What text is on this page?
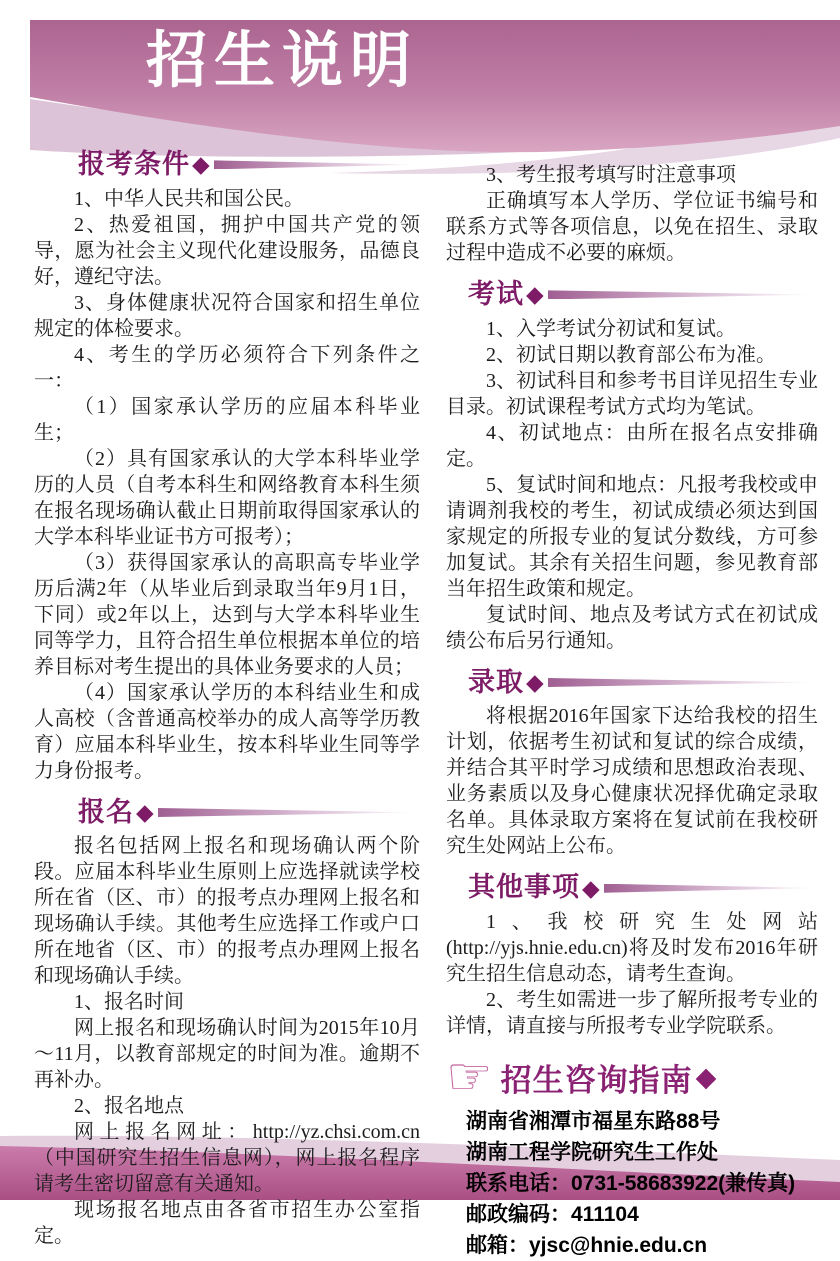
招生说明
报考条件 ◆

1、中华人民共和国公民。

2、热爱祖国，拥护中国共产党的领导，愿为社会主义现代化建设服务，品德良好，遵纪守法。

3、身体健康状况符合国家和招生单位规定的体检要求。

4、考生的学历必须符合下列条件之一：

（1）国家承认学历的应届本科毕业生；

（2）具有国家承认的大学本科毕业学历的人员（自考本科生和网络教育本科生须在报名现场确认截止日期前取得国家承认的大学本科毕业证书方可报考）；

（3）获得国家承认的高职高专毕业学历后满2年（从毕业后到录取当年9月1日，下同）或2年以上，达到与大学本科毕业生同等学力，且符合招生单位根据本单位的培养目标对考生提出的具体业务要求的人员；

（4）国家承认学历的本科结业生和成人高校（含普通高校举办的成人高等学历教育）应届本科毕业生，按本科毕业生同等学力身份报考。

报名 ◆

报名包括网上报名和现场确认两个阶段。应届本科毕业生原则上应选择就读学校所在省（区、市）的报考点办理网上报名和现场确认手续。其他考生应选择工作或户口所在地省（区、市）的报考点办理网上报名和现场确认手续。

1、报名时间

网上报名和现场确认时间为2015年10月～11月，以教育部规定的时间为准。逾期不再补办。

2、报名地点

网上报名网址：http://yz.chsi.com.cn（中国研究生招生信息网），网上报名程序请考生密切留意有关通知。

现场报名地点由各省市招生办公室指定。

3、考生报考填写时注意事项

正确填写本人学历、学位证书编号和联系方式等各项信息，以免在招生、录取过程中造成不必要的麻烦。

考试 ◆

1、入学考试分初试和复试。

2、初试日期以教育部公布为准。

3、初试科目和参考书目详见招生专业目录。初试课程考试方式均为笔试。

4、初试地点：由所在报名点安排确定。

5、复试时间和地点：凡报考我校或申请调剂我校的考生，初试成绩必须达到国家规定的所报专业的复试分数线，方可参加复试。其余有关招生问题，参见教育部当年招生政策和规定。

复试时间、地点及考试方式在初试成绩公布后另行通知。

录取 ◆

将根据2016年国家下达给我校的招生计划，依据考生初试和复试的综合成绩，并结合其平时学习成绩和思想政治表现、业务素质以及身心健康状况择优确定录取名单。具体录取方案将在复试前在我校研究生处网站上公布。

其他事项 ◆

1、我校研究生处网站(http://yjs.hnie.edu.cn)将及时发布2016年研究生招生信息动态，请考生查询。

2、考生如需进一步了解所报考专业的详情，请直接与所报考专业学院联系。

☞ 招生咨询指南 ◆

湖南省湘潭市福星东路88号

湖南工程学院研究生工作处

联系电话：0731-58683922(兼传真)

邮政编码：411104

邮箱：yjsc@hnie.edu.cn
